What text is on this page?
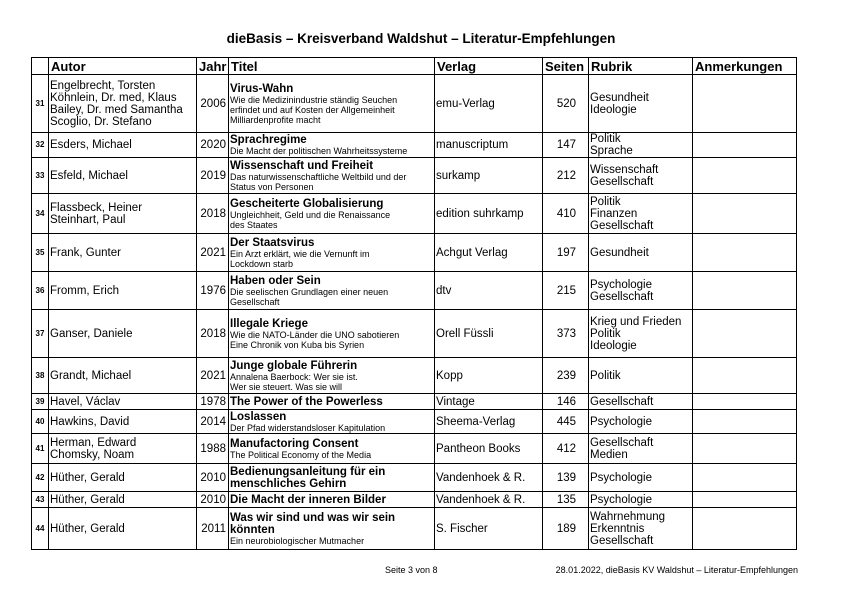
dieBasis – Kreisverband Waldshut – Literatur-Empfehlungen
	Autor	Jahr	Titel	Verlag	Seiten	Rubrik	Anmerkungen
31	Engelbrecht, Torsten
Köhnlein, Dr. med, Klaus
Bailey, Dr. med Samantha
Scoglio, Dr. Stefano	2006	Virus-Wahn
Wie die Medizinindustrie ständig Seuchen
erfindet und auf Kosten der Allgemeinheit
Milliardenprofite macht	emu-Verlag	520	Gesundheit
Ideologie	

32	Esders, Michael	2020	Sprachregime
Die Macht der politischen Wahrheitssysteme	manuscriptum	147	Politik
Sprache	

33	Esfeld, Michael	2019	Wissenschaft und Freiheit
Das naturwissenschaftliche Weltbild und der
Status von Personen	surkamp	212	Wissenschaft
Gesellschaft	

34	Flassbeck, Heiner
Steinhart, Paul	2018	Gescheiterte Globalisierung
Ungleichheit, Geld und die Renaissance
des Staates	edition suhrkamp	410	Politik
Finanzen
Gesellschaft	

35	Frank, Gunter	2021	Der Staatsvirus
Ein Arzt erklärt, wie die Vernunft im
Lockdown starb	Achgut Verlag	197	Gesundheit	

36	Fromm, Erich	1976	Haben oder Sein
Die seelischen Grundlagen einer neuen
Gesellschaft	dtv	215	Psychologie
Gesellschaft	

37	Ganser, Daniele	2018	Illegale Kriege
Wie die NATO-Länder die UNO sabotieren
Eine Chronik von Kuba bis Syrien	Orell Füssli	373	Krieg und Frieden
Politik
Ideologie	

38	Grandt, Michael	2021	Junge globale Führerin
Annalena Baerbock: Wer sie ist.
Wer sie steuert. Was sie will	Kopp	239	Politik	

39	Havel, Václav	1978	The Power of the Powerless	Vintage	146	Gesellschaft	

40	Hawkins, David	2014	Loslassen
Der Pfad widerstandsloser Kapitulation	Sheema-Verlag	445	Psychologie	

41	Herman, Edward
Chomsky, Noam	1988	Manufactoring Consent
The Political Economy of the Media	Pantheon Books	412	Gesellschaft
Medien	

42	Hüther, Gerald	2010	Bedienungsanleitung für ein menschliches Gehirn	Vandenhoek & R.	139	Psychologie	

43	Hüther, Gerald	2010	Die Macht der inneren Bilder	Vandenhoek & R.	135	Psychologie	

44	Hüther, Gerald	2011	Was wir sind und was wir sein könnten
Ein neurobiologischer Mutmacher	S. Fischer	189	Wahrnehmung
Erkenntnis
Gesellschaft	

Seite 3 von 8	28.01.2022, dieBasis KV Waldshut – Literatur-Empfehlungen
